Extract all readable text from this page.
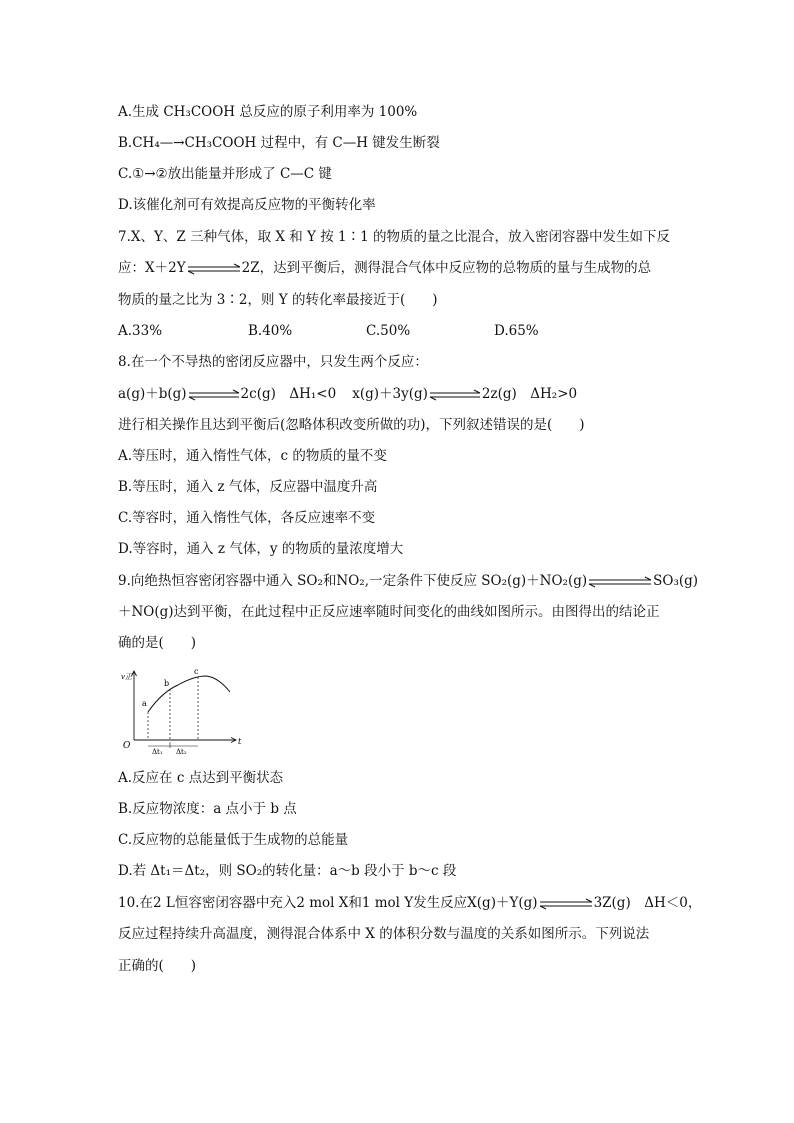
A.生成 CH₃COOH 总反应的原子利用率为 100%
B.CH₄—→CH₃COOH 过程中，有 C—H 键发生断裂
C.①→②放出能量并形成了 C—C 键
D.该催化剂可有效提高反应物的平衡转化率
7.X、Y、Z 三种气体，取 X 和 Y 按 1∶1 的物质的量之比混合，放入密闭容器中发生如下反
应：X＋2Y	2Z，达到平衡后，测得混合气体中反应物的总物质的量与生成物的总
物质的量之比为 3∶2，则 Y 的转化率最接近于(　　)
A.33%	B.40%	C.50%	D.65%
8.在一个不导热的密闭反应器中，只发生两个反应：
a(g)＋b(g)⇌2c(g)　ΔH₁<0 x(g)＋3y(g)⇌2z(g)　ΔH₂>0
进行相关操作且达到平衡后(忽略体积改变所做的功)，下列叙述错误的是(　　)
A.等压时，通入惰性气体，c 的物质的量不变
B.等压时，通入 z 气体，反应器中温度升高
C.等容时，通入惰性气体，各反应速率不变
D.等容时，通入 z 气体，y 的物质的量浓度增大
9.向绝热恒容密闭容器中通入 SO₂和NO₂,一定条件下使反应 SO₂(g)＋NO₂(g)	SO₃(g)
＋NO(g)达到平衡，在此过程中正反应速率随时间变化的曲线如图所示。由图得出的结论正
确的是(　　)
v正
t
O
a
b
c
Δt₁ Δt₂
A.反应在 c 点达到平衡状态
B.反应物浓度：a 点小于 b 点
C.反应物的总能量低于生成物的总能量
D.若 Δt₁＝Δt₂，则 SO₂的转化量：a～b 段小于 b～c 段
10.在2 L恒容密闭容器中充入2 mol X和1 mol Y发生反应X(g)＋Y(g)	3Z(g)　ΔH＜0，
反应过程持续升高温度，测得混合体系中 X 的体积分数与温度的关系如图所示。下列说法
正确的(　　)
